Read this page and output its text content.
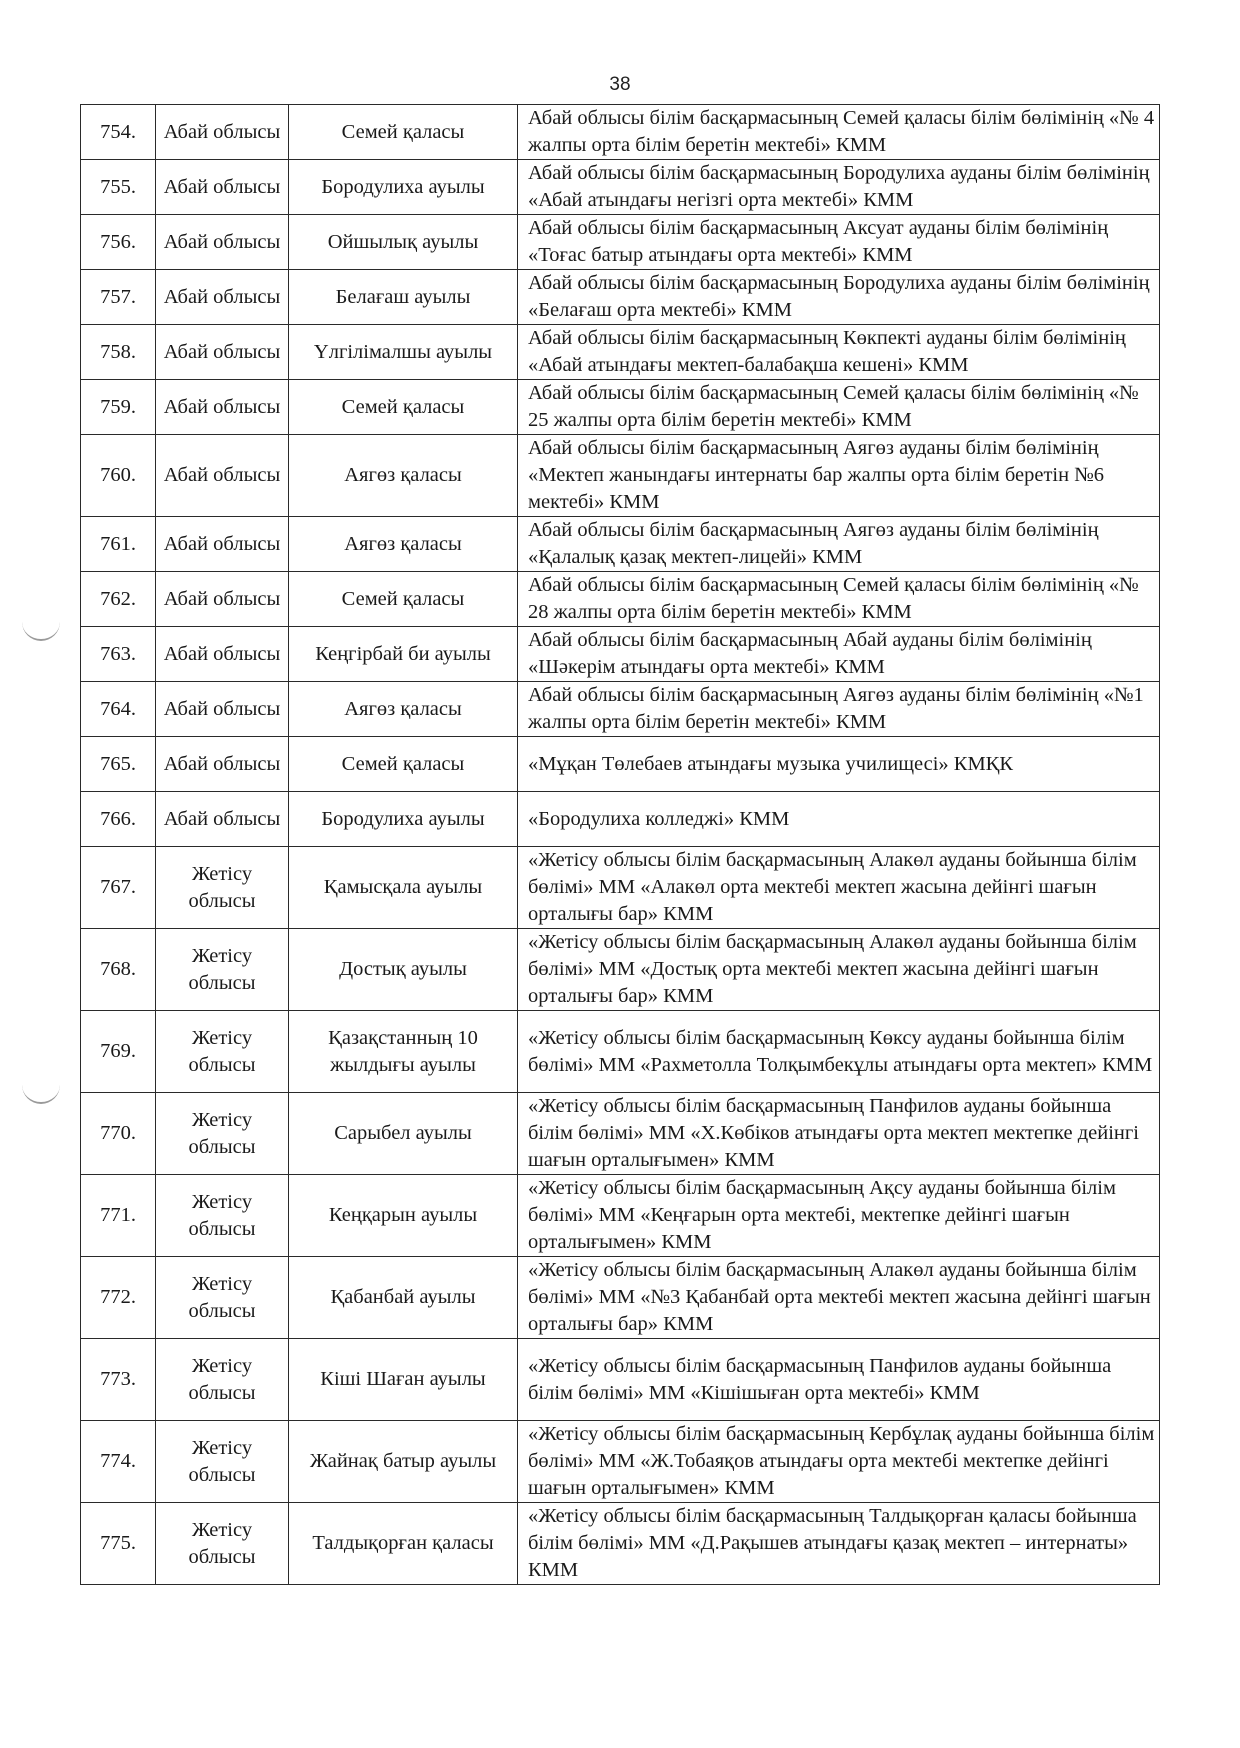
38
754.	Абай облысы	Семей қаласы	Абай облысы білім басқармасының Семей қаласы білім бөлімінің «№ 4 жалпы орта білім беретін мектебі» КММ
755.	Абай облысы	Бородулиха ауылы	Абай облысы білім басқармасының Бородулиха ауданы білім бөлімінің «Абай атындағы негізгі орта мектебі» КММ
756.	Абай облысы	Ойшылық ауылы	Абай облысы білім басқармасының Аксуат ауданы білім бөлімінің «Тоғас батыр атындағы орта мектебі» КММ
757.	Абай облысы	Белағаш ауылы	Абай облысы білім басқармасының Бородулиха ауданы білім бөлімінің «Белағаш орта мектебі» КММ
758.	Абай облысы	Үлгілімалшы ауылы	Абай облысы білім басқармасының Көкпекті ауданы білім бөлімінің «Абай атындағы мектеп-балабақша кешені» КММ
759.	Абай облысы	Семей қаласы	Абай облысы білім басқармасының Семей қаласы білім бөлімінің «№ 25 жалпы орта білім беретін мектебі» КММ
760.	Абай облысы	Аягөз қаласы	Абай облысы білім басқармасының Аягөз ауданы білім бөлімінің «Мектеп жанындағы интернаты бар жалпы орта білім беретін №6 мектебі» КММ
761.	Абай облысы	Аягөз қаласы	Абай облысы білім басқармасының Аягөз ауданы білім бөлімінің «Қалалық қазақ мектеп-лицейі» КММ
762.	Абай облысы	Семей қаласы	Абай облысы білім басқармасының Семей қаласы білім бөлімінің «№ 28 жалпы орта білім беретін мектебі» КММ
763.	Абай облысы	Кеңгірбай би ауылы	Абай облысы білім басқармасының Абай ауданы білім бөлімінің «Шәкерім атындағы орта мектебі» КММ
764.	Абай облысы	Аягөз қаласы	Абай облысы білім басқармасының Аягөз ауданы білім бөлімінің «№1 жалпы орта білім беретін мектебі» КММ
765.	Абай облысы	Семей қаласы	«Мұқан Төлебаев атындағы музыка училищесі» КМҚК
766.	Абай облысы	Бородулиха ауылы	«Бородулиха колледжі» КММ
767.	Жетісу облысы	Қамысқала ауылы	«Жетісу облысы білім басқармасының Алакөл ауданы бойынша білім бөлімі» ММ «Алакөл орта мектебі мектеп жасына дейінгі шағын орталығы бар» КММ
768.	Жетісу облысы	Достық ауылы	«Жетісу облысы білім басқармасының Алакөл ауданы бойынша білім бөлімі» ММ «Достық орта мектебі мектеп жасына дейінгі шағын орталығы бар» КММ
769.	Жетісу облысы	Қазақстанның 10 жылдығы ауылы	«Жетісу облысы білім басқармасының Көксу ауданы бойынша білім бөлімі» ММ «Рахметолла Толқымбекұлы атындағы орта мектеп» КММ
770.	Жетісу облысы	Сарыбел ауылы	«Жетісу облысы білім басқармасының Панфилов ауданы бойынша білім бөлімі» ММ «Х.Көбіков атындағы орта мектеп мектепке дейінгі шағын орталығымен» КММ
771.	Жетісу облысы	Кеңқарын ауылы	«Жетісу облысы білім басқармасының Ақсу ауданы бойынша білім бөлімі» ММ «Кеңғарын орта мектебі, мектепке дейінгі шағын орталығымен» КММ
772.	Жетісу облысы	Қабанбай ауылы	«Жетісу облысы білім басқармасының Алакөл ауданы бойынша білім бөлімі» ММ «№3 Қабанбай орта мектебі мектеп жасына дейінгі шағын орталығы бар» КММ
773.	Жетісу облысы	Кіші Шаған ауылы	«Жетісу облысы білім басқармасының Панфилов ауданы бойынша білім бөлімі» ММ «Кішішыған орта мектебі» КММ
774.	Жетісу облысы	Жайнақ батыр ауылы	«Жетісу облысы білім басқармасының Кербұлақ ауданы бойынша білім бөлімі» ММ «Ж.Тобаяқов атындағы орта мектебі мектепке дейінгі шағын орталығымен» КММ
775.	Жетісу облысы	Талдықорған қаласы	«Жетісу облысы білім басқармасының Талдықорған қаласы бойынша білім бөлімі» ММ «Д.Рақышев атындағы қазақ мектеп – интернаты» КММ
